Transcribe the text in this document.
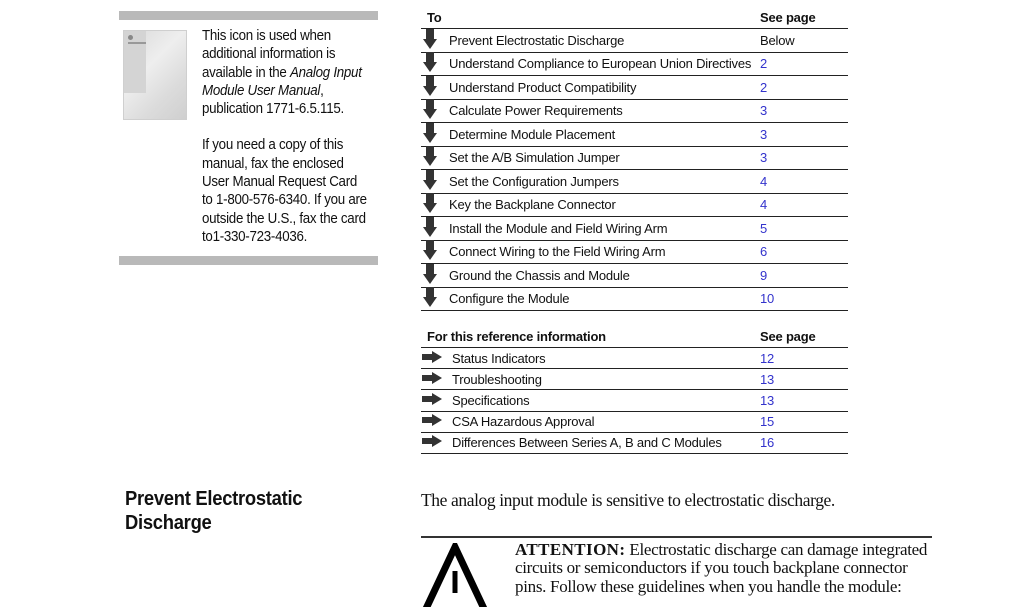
This icon is used when additional information is available in the Analog Input Module User Manual, publication 1771-6.5.115.

If you need a copy of this manual, fax the enclosed User Manual Request Card to 1-800-576-6340. If you are outside the U.S., fax the card to1-330-723-4036.

To	See page
Prevent Electrostatic Discharge	Below
Understand Compliance to European Union Directives 2
Understand Product Compatibility	2
Calculate Power Requirements	3
Determine Module Placement	3
Set the A/B Simulation Jumper	3
Set the Configuration Jumpers	4
Key the Backplane Connector	4
Install the Module and Field Wiring Arm	5
Connect Wiring to the Field Wiring Arm	6
Ground the Chassis and Module	9
Configure the Module	10
For this reference information	See page
Status Indicators	12
Troubleshooting	13
Specifications	13
CSA Hazardous Approval	15
Differences Between Series A, B and C Modules	16
Prevent Electrostatic
Discharge
The analog input module is sensitive to electrostatic discharge.
ATTENTION: Electrostatic discharge can damage integrated circuits or semiconductors if you touch backplane connector pins. Follow these guidelines when you handle the module:
